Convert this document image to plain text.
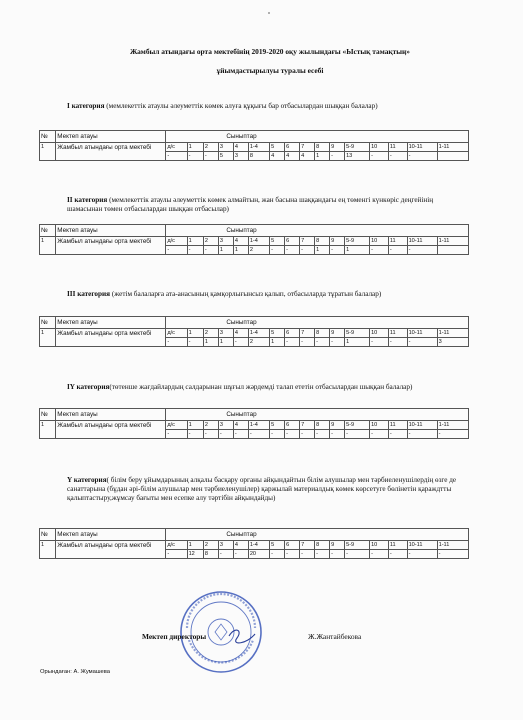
Жамбыл атындағы орта мектебінің 2019-2020 оқу жылындағы «Ыстық тамақтың»
ұйымдастырылуы туралы есебі
I категория (мемлекеттік атаулы әлеуметтік көмек алуға құқығы бар отбасылардан шыққан балалар)
№	Мектеп атауы	Сыныптар															
1	Жамбыл атындағы орта мектебі	д/с	1	2	3	4	1-4	5	6	7	8	9	5-9	10	11	10-11	1-11
		-	-	-	5	3	8	4	4	4	1	-	13	-	-	-	
II категория (мемлекеттік атаулы әлеуметтік көмек алмайтын, жан басына шаққандағы ең төменгі күнкөріс деңгейінің шамасынан төмен отбасылардан шыққан отбасылар)
№	Мектеп атауы	Сыныптар															
1	Жамбыл атындағы орта мектебі	д/с	1	2	3	4	1-4	5	6	7	8	9	5-9	10	11	10-11	1-11
		-	-	-	1	1	2	-	-	-	1	-	1	-	-	-	
III категория (жетім балаларға ата-анасының қамқорлығынсыз қалып, отбасыларда тұратын балалар)
№	Мектеп атауы	Сыныптар															
1	Жамбыл атындағы орта мектебі	д/с	1	2	3	4	1-4	5	6	7	8	9	5-9	10	11	10-11	1-11
		-	-	1	1	-	2	1	-	-	-	-	1	-	-	-	3
IY категория(төтенше жағдайлардың салдарынан шұғыл жәрдемді талап ететін отбасылардан шыққан балалар)
№	Мектеп атауы	Сыныптар															
1	Жамбыл атындағы орта мектебі	д/с	1	2	3	4	1-4	5	6	7	8	9	5-9	10	11	10-11	1-11
		-	-	-	-	-	-	-	-	-	-	-	-	-	-	-	-
Y категория( білім беру ұйымдарының алқалы басқару органы айқындайтын білім алушылар мен тәрбиеленушілердің өзге де санаттарына (бұдан әрі-білім алушылар мен тәрбиеленушілер) қаржылай материалдық көмек көрсетуге бөлінетін қараждтты қалыптастыру,жұмсау бағыты мен есепке алу тәртібін айқындайды)
№	Мектеп атауы	Сыныптар															
1	Жамбыл атындағы орта мектебі	д/с	1	2	3	4	1-4	5	6	7	8	9	5-9	10	11	10-11	1-11
		-	12	8	-	-	20	-	-	-	-	-	-	-	-	-	-
Мектеп директоры	Ж.Жантайбекова
Орындаған: А. Жумашева
